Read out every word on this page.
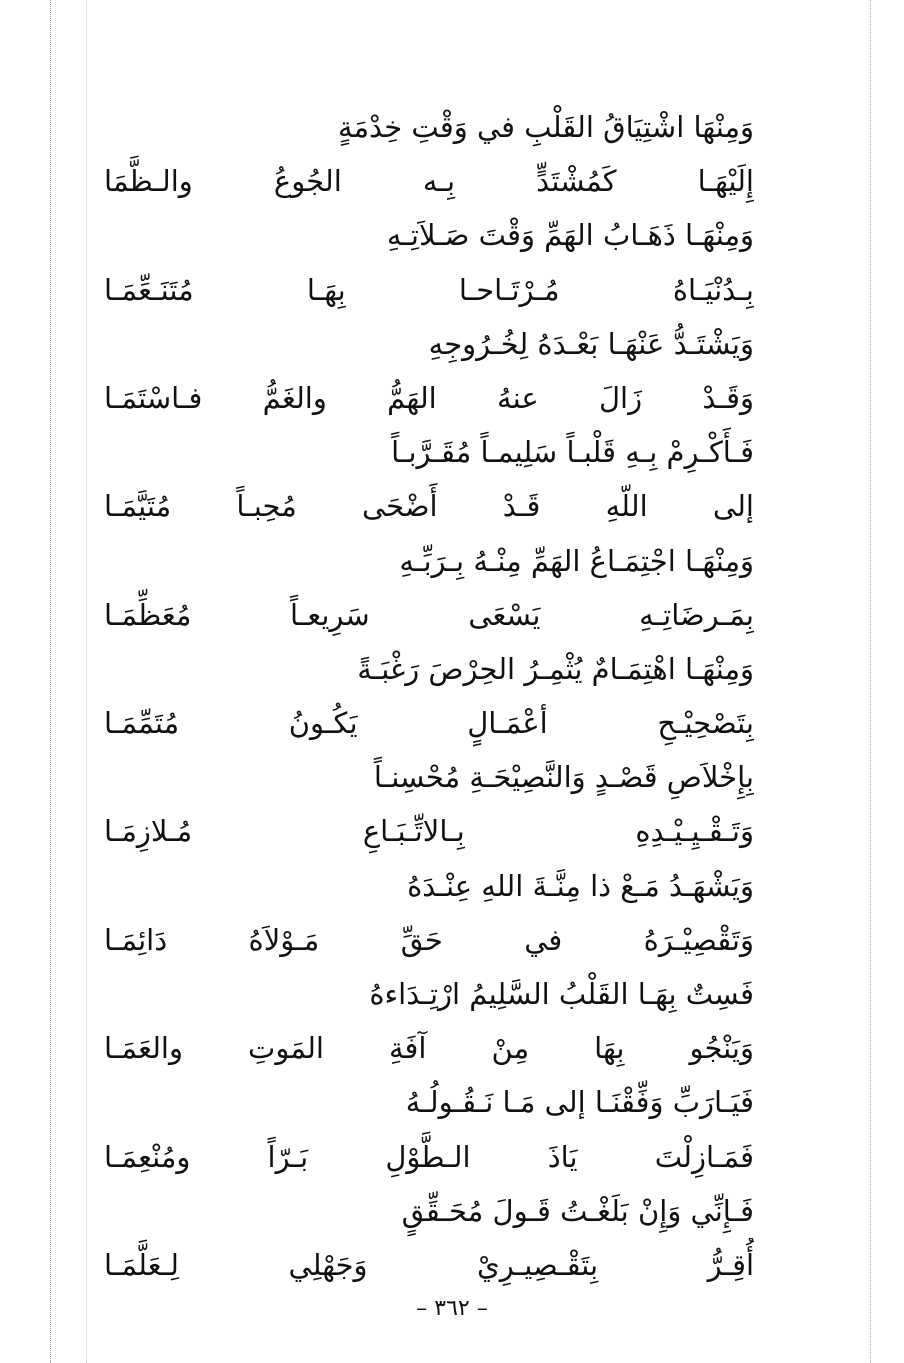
وَمِنْهَا اشْتِيَاقُ القَلْبِ في وَقْتِ خِدْمَةٍ
إِلَيْهَـا كَمُشْتَدٍّ بِـه الجُوعُ والـظَّمَا
وَمِنْهَـا ذَهَـابُ الهَمِّ وَقْتَ صَـلاَتِـهِ
بِـدُنْيَـاهُ مُـرْتَـاحـا بِهَـا مُتَنَـعِّمَـا
وَيَشْتَـدُّ عَنْهَـا بَعْـدَهُ لِخُـرُوجِهِ
وَقَـدْ زَالَ عنهُ الهَمُّ والغَمُّ فـاسْتَمَـا
فَـأَكْـرِمْ بِـهِ قَلْبـاً سَلِيمـاً مُقَـرَّبـاً
إلى اللّهِ قَـدْ أَضْحَى مُحِبـاً مُتَيَّمَـا
وَمِنْهَـا اجْتِمَـاعُ الهَمِّ مِنْـهُ بِـرَبِّـهِ
بِمَـرضَاتِـهِ يَسْعَى سَرِيعـاً مُعَظِّمَـا
وَمِنْهَـا اهْتِمَـامٌ يُثْمِـرُ الحِرْصَ رَغْبَـةً
بِتَصْحِيْـحِ أعْمَـالٍ يَكُـونُ مُتَمِّمَـا
بِإِخْلاَصِ قَصْـدٍ وَالنَّصِيْحَـةِ مُحْسِنـاً
وَتَـقْـيِـيْـدِهِ بِـالاتِّـبَـاعِ مُـلازِمَـا
وَيَشْهَـدُ مَـعْ ذا مِنَّـةَ اللهِ عِنْـدَهُ
وَتَقْصِيْـرَهُ في حَقِّ مَـوْلاَهُ دَائِمَـا
فَسِتٌ بِهَـا القَلْبُ السَّلِيمُ ارْتِـدَاءهُ
وَيَنْجُو بِهَا مِنْ آفَةِ المَوتِ والعَمَـا
فَيَـارَبِّ وَفِّقْنَـا إلى مَـا نَـقُـولُـهُ
فَمَـازِلْتَ يَاذَ الـطَّوْلِ بَـرّاً ومُنْعِمَـا
فَـإِنِّي وَإِنْ بَلَغْـتُ قَـولَ مُحَـقِّقٍ
أُقِـرُّ بِتَقْـصِيـرِيْ وَجَهْلِي لِـعَلَّمَـا
– ٣٦٢ –
